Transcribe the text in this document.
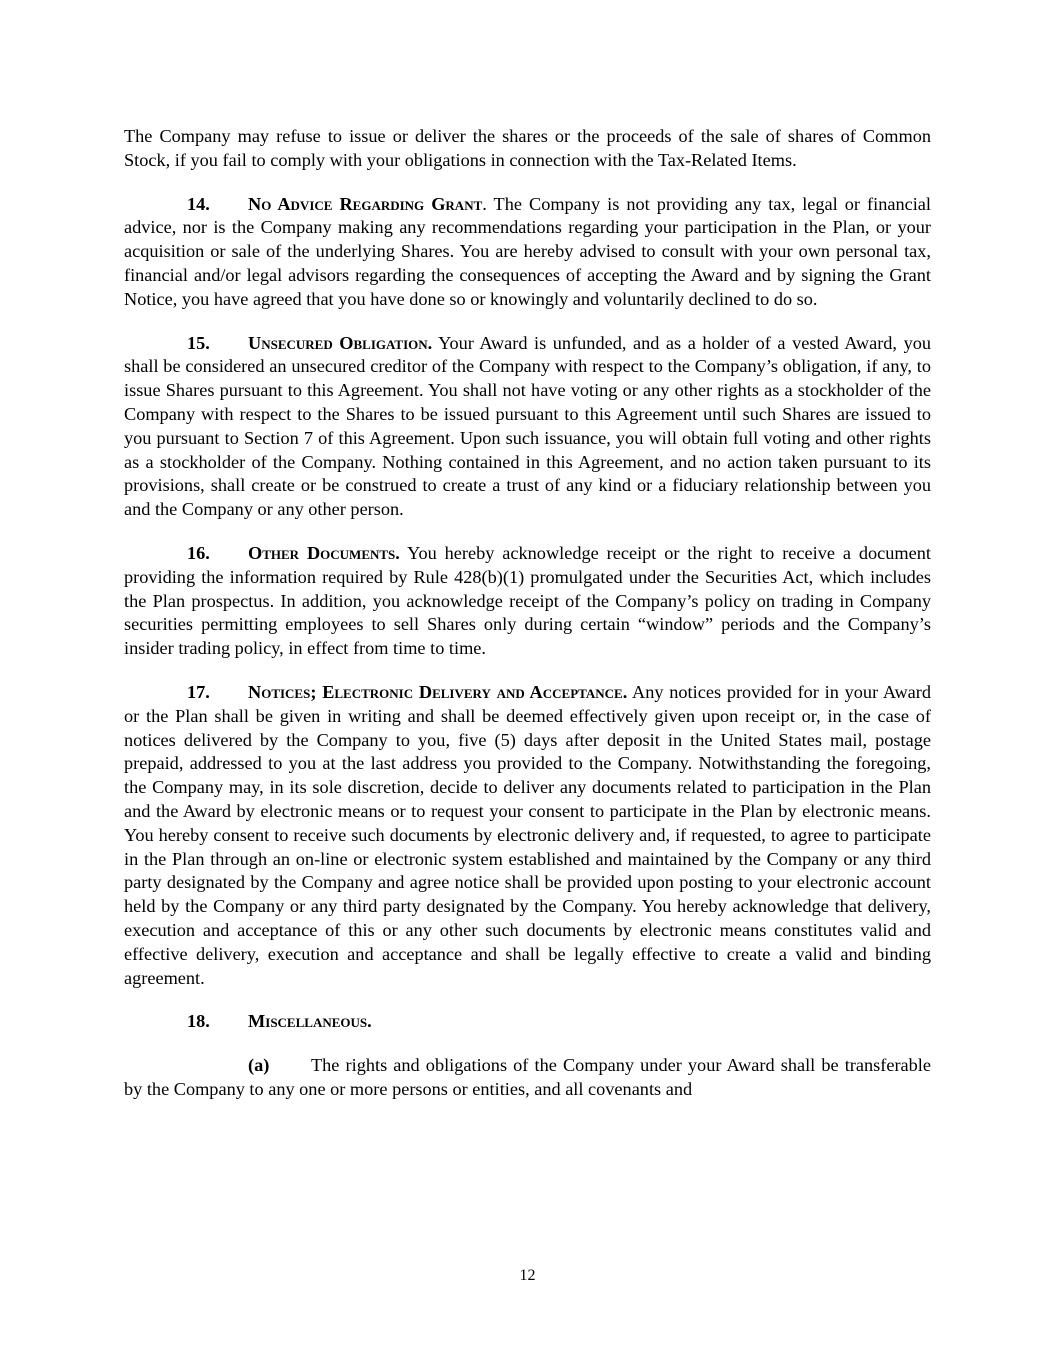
The Company may refuse to issue or deliver the shares or the proceeds of the sale of shares of Common Stock, if you fail to comply with your obligations in connection with the Tax-Related Items.

14. No Advice Regarding Grant. The Company is not providing any tax, legal or financial advice, nor is the Company making any recommendations regarding your participation in the Plan, or your acquisition or sale of the underlying Shares. You are hereby advised to consult with your own personal tax, financial and/or legal advisors regarding the consequences of accepting the Award and by signing the Grant Notice, you have agreed that you have done so or knowingly and voluntarily declined to do so.

15. Unsecured Obligation. Your Award is unfunded, and as a holder of a vested Award, you shall be considered an unsecured creditor of the Company with respect to the Company’s obligation, if any, to issue Shares pursuant to this Agreement. You shall not have voting or any other rights as a stockholder of the Company with respect to the Shares to be issued pursuant to this Agreement until such Shares are issued to you pursuant to Section 7 of this Agreement. Upon such issuance, you will obtain full voting and other rights as a stockholder of the Company. Nothing contained in this Agreement, and no action taken pursuant to its provisions, shall create or be construed to create a trust of any kind or a fiduciary relationship between you and the Company or any other person.

16. Other Documents. You hereby acknowledge receipt or the right to receive a document providing the information required by Rule 428(b)(1) promulgated under the Securities Act, which includes the Plan prospectus. In addition, you acknowledge receipt of the Company’s policy on trading in Company securities permitting employees to sell Shares only during certain “window” periods and the Company’s insider trading policy, in effect from time to time.

17. Notices; Electronic Delivery and Acceptance. Any notices provided for in your Award or the Plan shall be given in writing and shall be deemed effectively given upon receipt or, in the case of notices delivered by the Company to you, five (5) days after deposit in the United States mail, postage prepaid, addressed to you at the last address you provided to the Company. Notwithstanding the foregoing, the Company may, in its sole discretion, decide to deliver any documents related to participation in the Plan and the Award by electronic means or to request your consent to participate in the Plan by electronic means. You hereby consent to receive such documents by electronic delivery and, if requested, to agree to participate in the Plan through an on-line or electronic system established and maintained by the Company or any third party designated by the Company and agree notice shall be provided upon posting to your electronic account held by the Company or any third party designated by the Company. You hereby acknowledge that delivery, execution and acceptance of this or any other such documents by electronic means constitutes valid and effective delivery, execution and acceptance and shall be legally effective to create a valid and binding agreement.

18. Miscellaneous.

(a) The rights and obligations of the Company under your Award shall be transferable by the Company to any one or more persons or entities, and all covenants and

12
